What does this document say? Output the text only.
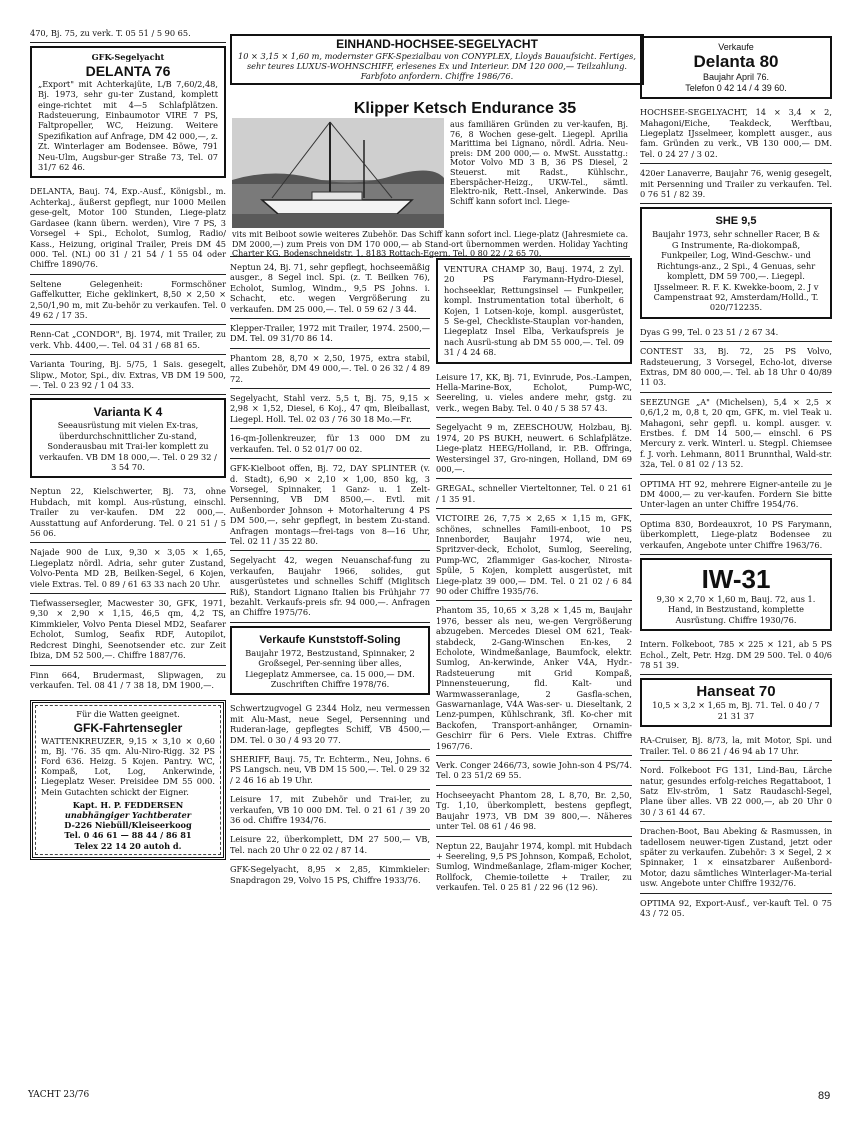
470, Bj. 75, zu verk. T. 05 51 / 5 90 65.

GFK-Segelyacht
DELANTA 76
„Export" mit Achterkajüte, L/B 7,60/2,48, Bj. 1973, sehr gu-ter Zustand, komplett einge-richtet mit 4—5 Schlafplätzen. Radsteuerung, Einbaumotor VIRE 7 PS, Faltpropeller, WC, Heizung. Weitere Spezifikation auf Anfrage, DM 42 000,—, z. Zt. Winterlager am Bodensee. Böwe, 791 Neu-Ulm, Augsbur-ger Straße 73, Tel. 07 31/7 62 46.

DELANTA, Bauj. 74, Exp.-Ausf., Königsbl., m. Achterkaj., äußerst gepflegt, nur 1000 Meilen gese-gelt, Motor 100 Stunden, Liege-platz Gardasee (kann übern. werden), Vire 7 PS, 3 Vorsegel + Spi., Echolot, Sumlog, Radio/ Kass., Heizung, original Trailer, Preis DM 45 000. Tel. (NL) 00 31 / 21 54 / 1 55 04 oder Chiffre 1890/76.

Seltene Gelegenheit: Formschöner Gaffelkutter, Eiche geklinkert, 8,50 × 2,50 × 2,50/1,90 m, mit Zu-behör zu verkaufen. Tel. 0 49 62 / 17 35.

Renn-Cat „CONDOR", Bj. 1974, mit Trailer, zu verk. Vhb. 4400,—. Tel. 04 31 / 68 81 65.

Varianta Touring, Bj. 5/75, 1 Sais. gesegelt, Slipw., Motor, Spi., div. Extras, VB DM 19 500,—. Tel. 0 23 92 / 1 04 33.

Varianta K 4
Seeausrüstung mit vielen Ex-tras, überdurchschnittlicher Zu-stand, Sonderausbau mit Trai-ler komplett zu verkaufen. VB DM 18 000,—. Tel. 0 29 32 / 3 54 70.

Neptun 22, Kielschwerter, Bj. 73, ohne Hubdach, mit kompl. Aus-rüstung, einschl. Trailer zu ver-kaufen. DM 22 000,—. Ausstattung auf Anforderung. Tel. 0 21 51 / 5 56 06.

Najade 900 de Lux, 9,30 × 3,05 × 1,65, Liegeplatz nördl. Adria, sehr guter Zustand, Volvo-Penta MD 2B, Beilken-Segel, 6 Kojen, viele Extras. Tel. 0 89 / 61 63 33 nach 20 Uhr.

Tiefwassersegler, Macwester 30, GFK, 1971, 9,30 × 2,90 × 1,15, 46,5 qm, 4,2 TS, Kimmkieler, Volvo Penta Diesel MD2, Seafarer Echolot, Sumlog, Seafix RDF, Autopilot, Redcrest Dinghi, Seenotsender etc. zur Zeit Ibiza, DM 52 500,—. Chiffre 1887/76.

Finn 664, Brudermast, Slipwagen, zu verkaufen. Tel. 08 41 / 7 38 18, DM 1900,—.

Für die Watten geeignet.
GFK-Fahrtensegler
WATTENKREUZER, 9,15 × 3,10 × 0,60 m, Bj. '76. 35 qm. Alu-Niro-Rigg. 32 PS Ford 636. Heizg. 5 Kojen. Pantry. WC, Kompaß, Lot, Log, Ankerwinde, Liegeplatz Weser. Preisidee DM 55 000. Mein Gutachten schickt der Eigner.
Kapt. H. P. FEDDERSEN
unabhängiger Yachtberater
D-226 Niebüll/Kleiseerkoog
Tel. 0 46 61 — 88 44 / 86 81
Telex 22 14 20 autoh d.
EINHAND-HOCHSEE-SEGELYACHT
10 × 3,15 × 1,60 m, modernster GFK-Spezialbau von CONYPLEX, Lloyds Bauaufsicht. Fertiges, sehr teures LUXUS-WOHNSCHIFF, erlesenes Ex und Interieur. DM 120 000,— Teilzahlung. Farbfoto anfordern. Chiffre 1986/76.
Klipper Ketsch Endurance 35
aus familiären Gründen zu ver-kaufen, Bj. 76, 8 Wochen gese-gelt. Liegepl. Aprilia Marittima bei Lignano, nördl. Adria. Neu-preis: DM 200 000,— o. MwSt. Ausstattg.: Motor Volvo MD 3 B, 36 PS Diesel, 2 Steuerst. mit Radst., Kühlschr., Eberspächer-Heizg., UKW-Tel., sämtl. Elektro-nik, Rett.-Insel, Ankerwinde. Das Schiff kann sofort incl. Liege-
vits mit Beiboot sowie weiteres Zubehör. Das Schiff kann sofort incl. Liege-platz (Jahresmiete ca. DM 2000,—) zum Preis von DM 170 000,— ab Stand-ort übernommen werden. Holiday Yachting Charter KG, Bodenschneidstr. 1, 8183 Rottach-Egern, Tel. 0 80 22 / 2 65 70.

Neptun 24, Bj. 71, sehr gepflegt, hochseemäßig ausger., 8 Segel incl. Spi. (z. T. Beilken 76), Echolot, Sumlog, Windm., 9,5 PS Johns. i. Schacht, etc. wegen Vergrößerung zu verkaufen. DM 25 000,—. Tel. 0 59 62 / 3 44.

Klepper-Trailer, 1972 mit Trailer, 1974. 2500,— DM. Tel. 09 31/70 86 14.

Phantom 28, 8,70 × 2,50, 1975, extra stabil, alles Zubehör, DM 49 000,—. Tel. 0 26 32 / 4 89 72.

Segelyacht, Stahl verz. 5,5 t, Bj. 75, 9,15 × 2,98 × 1,52, Diesel, 6 Koj., 47 qm, Bleiballast, Liegepl. Holl. Tel. 02 03 / 76 30 18 Mo.—Fr.

16-qm-Jollenkreuzer, für 13 000 DM zu verkaufen. Tel. 0 52 01/7 00 02.

GFK-Kielboot offen, Bj. 72, DAY SPLINTER (v. d. Stadt), 6,90 × 2,10 × 1,00, 850 kg, 3 Vorsegel, Spinnaker, 1 Ganz- u. 1 Zelt-Persenning, VB DM 8500,—. Evtl. mit Außenborder Johnson + Motorhalterung 4 PS DM 500,—, sehr gepflegt, in bestem Zu-stand. Anfragen montags—frei-tags von 8—16 Uhr, Tel. 02 11 / 35 22 80.

Segelyacht 42, wegen Neuanschaf-fung zu verkaufen, Baujahr 1966, solides, gut ausgerüstetes und schnelles Schiff (Miglitsch Riß), Standort Lignano Italien bis Frühjahr 77 bezahlt. Verkaufs-preis sfr. 94 000,—. Anfragen an Chiffre 1975/76.

Verkaufe Kunststoff-Soling
Baujahr 1972, Bestzustand, Spinnaker, 2 Großsegel, Per-senning über alles, Liegeplatz Ammersee, ca. 15 000,— DM. Zuschriften Chiffre 1978/76.

Schwertzugvogel G 2344 Holz, neu vermessen mit Alu-Mast, neue Segel, Persenning und Ruderan-lage, gepflegtes Schiff, VB 4500,— DM. Tel. 0 30 / 4 93 20 77.

SHERIFF, Bauj. 75, Tr. Echterm., Neu, Johns. 6 PS Langsch. neu, VB DM 15 500,—. Tel. 0 29 32 / 2 46 16 ab 19 Uhr.

Leisure 17, mit Zubehör und Trai-ler, zu verkaufen, VB 10 000 DM. Tel. 0 21 61 / 39 20 36 od. Chiffre 1934/76.

Leisure 22, überkomplett, DM 27 500,— VB, Tel. nach 20 Uhr 0 22 02 / 87 14.

GFK-Segelyacht, 8,95 × 2,85, Kimmkieler: Snapdragon 29, Volvo 15 PS, Chiffre 1933/76.

VENTURA CHAMP 30, Bauj. 1974, 2 Zyl. 20 PS Farymann-Hydro-Diesel, hochseeklar, Rettungsinsel — Funkpeiler, kompl. Instrumentation total überholt, 6 Kojen, 1 Lotsen-koje, kompl. ausgerüstet, 5 Se-gel, Checkliste-Stauplan vor-handen, Liegeplatz Insel Elba, Verkaufspreis je nach Ausrü-stung ab DM 55 000,—. Tel. 09 31 / 4 24 68.

Leisure 17, KK, Bj. 71, Evinrude, Pos.-Lampen, Hella-Marine-Box, Echolot, Pump-WC, Seereling, u. vieles andere mehr, gstg. zu verk., wegen Baby. Tel. 0 40 / 5 38 57 43.

Segelyacht 9 m, ZEESCHOUW, Holzbau, Bj. 1974, 20 PS BUKH, neuwert. 6 Schlafplätze. Liege-platz HEEG/Holland, ir. P.B. Offringa, Westersingel 37, Gro-ningen, Holland, DM 69 000,—.

GREGAL, schneller Vierteltonner, Tel. 0 21 61 / 1 35 91.

VICTOIRE 26, 7,75 × 2,65 × 1,15 m, GFK, schönes, schnelles Famili-enboot, 10 PS Innenborder, Baujahr 1974, wie neu, Spritzver-deck, Echolot, Sumlog, Seereling, Pump-WC, 2flammiger Gas-kocher, Nirosta-Spüle, 5 Kojen, komplett ausgerüstet, mit Liege-platz 39 000,— DM. Tel. 0 21 02 / 6 84 90 oder Chiffre 1935/76.

Phantom 35, 10,65 × 3,28 × 1,45 m, Baujahr 1976, besser als neu, we-gen Vergrößerung abzugeben. Mercedes Diesel OM 621, Teak-stabdeck, 2-Gang-Winschen En-kes, 2 Echolote, Windmeßanlage, Baumfock, elektr. Sumlog, An-kerwinde, Anker V4A, Hydr.-Radsteuerung mit Grid Kompaß, Pinnensteuerung, fld. Kalt- und Warmwasseranlage, 2 Gasfla-schen, Gaswarnanlage, V4A Was-ser- u. Dieseltank, 2 Lenz-pumpen, Kühlschrank, 3fl. Ko-cher mit Backofen, Transport-anhänger, Ornamin-Geschirr für 6 Pers. Viele Extras. Chiffre 1967/76.

Verk. Conger 2466/73, sowie John-son 4 PS/74. Tel. 0 23 51/2 69 55.

Hochseeyacht Phantom 28, L 8,70, Br. 2,50, Tg. 1,10, überkomplett, bestens gepflegt, Baujahr 1973, VB DM 39 800,—. Näheres unter Tel. 08 61 / 46 98.

Neptun 22, Baujahr 1974, kompl. mit Hubdach + Seereling, 9,5 PS Johnson, Kompaß, Echolot, Sumlog, Windmeßanlage, 2flam-miger Kocher, Rollfock, Chemie-toilette + Trailer, zu verkaufen. Tel. 0 25 81 / 22 96 (12 96).

Verkaufe
Delanta 80
Baujahr April 76.
Telefon 0 42 14 / 4 39 60.

HOCHSEE-SEGELYACHT, 14 × 3,4 × 2, Mahagoni/Eiche, Teakdeck, Werftbau, Liegeplatz IJsselmeer, komplett ausger., aus fam. Gründen zu verk., VB 130 000,— DM. Tel. 0 24 27 / 3 02.

420er Lanaverre, Baujahr 76, wenig gesegelt, mit Persenning und Trailer zu verkaufen. Tel. 0 76 51 / 82 39.

SHE 9,5
Baujahr 1973, sehr schneller Racer, B & G Instrumente, Ra-diokompaß, Funkpeiler, Log, Wind-Geschw.- und Richtungs-anz., 2 Spi., 4 Genuas, sehr komplett, DM 59 700,—. Liegepl. IJsselmeer. R. F. K. Kwekke-boom, 2. J v Campenstraat 92, Amsterdam/Holld., T. 020/712235.

Dyas G 99, Tel. 0 23 51 / 2 67 34.

CONTEST 33, Bj. 72, 25 PS Volvo, Radsteuerung, 3 Vorsegel, Echo-lot, diverse Extras, DM 80 000,—. Tel. ab 18 Uhr 0 40/89 11 03.

SEEZUNGE „A" (Michelsen), 5,4 × 2,5 × 0,6/1,2 m, 0,8 t, 20 qm, GFK, m. viel Teak u. Mahagoni, sehr gepfl. u. kompl. ausger. v. Erstbes. f. DM 14 500,— einschl. 6 PS Mercury z. verk. Winterl. u. Stegpl. Chiemsee f. J. vorh. Lehmann, 8011 Brunnthal, Wald-str. 32a, Tel. 0 81 02 / 13 52.

OPTIMA HT 92, mehrere Eigner-anteile zu je DM 4000,— zu ver-kaufen. Fordern Sie bitte Unter-lagen an unter Chiffre 1954/76.

Optima 830, Bordeauxrot, 10 PS Farymann, überkomplett, Liege-platz Bodensee zu verkaufen, Angebote unter Chiffre 1963/76.

IW-31
9,30 × 2,70 × 1,60 m, Bauj. 72, aus 1. Hand, in Bestzustand, komplette Ausrüstung. Chiffre 1930/76.

Intern. Folkeboot, 785 × 225 × 121, ab 5 PS Echol., Zelt, Petr. Hzg. DM 29 500. Tel. 0 40/6 78 51 39.

Hanseat 70
10,5 × 3,2 × 1,65 m, Bj. 71. Tel. 0 40 / 7 21 31 37

RA-Cruiser, Bj. 8/73, la, mit Motor, Spi. und Trailer. Tel. 0 86 21 / 46 94 ab 17 Uhr.

Nord. Folkeboot FG 131, Lind-Bau, Lärche natur, gesundes erfolg-reiches Regattaboot, 1 Satz Elv-ström, 1 Satz Raudaschl-Segel, Plane über alles. VB 22 000,—, ab 20 Uhr 0 30 / 3 61 44 67.

Drachen-Boot, Bau Abeking & Rasmussen, in tadellosem neuwer-tigen Zustand, jetzt oder später zu verkaufen. Zubehör: 3 × Segel, 2 × Spinnaker, 1 × einsatzbarer Außenbord-Motor, dazu sämtliches Winterlager-Ma-terial usw. Angebote unter Chiffre 1932/76.

OPTIMA 92, Export-Ausf., ver-kauft Tel. 0 75 43 / 72 05.

YACHT 23/76	89
